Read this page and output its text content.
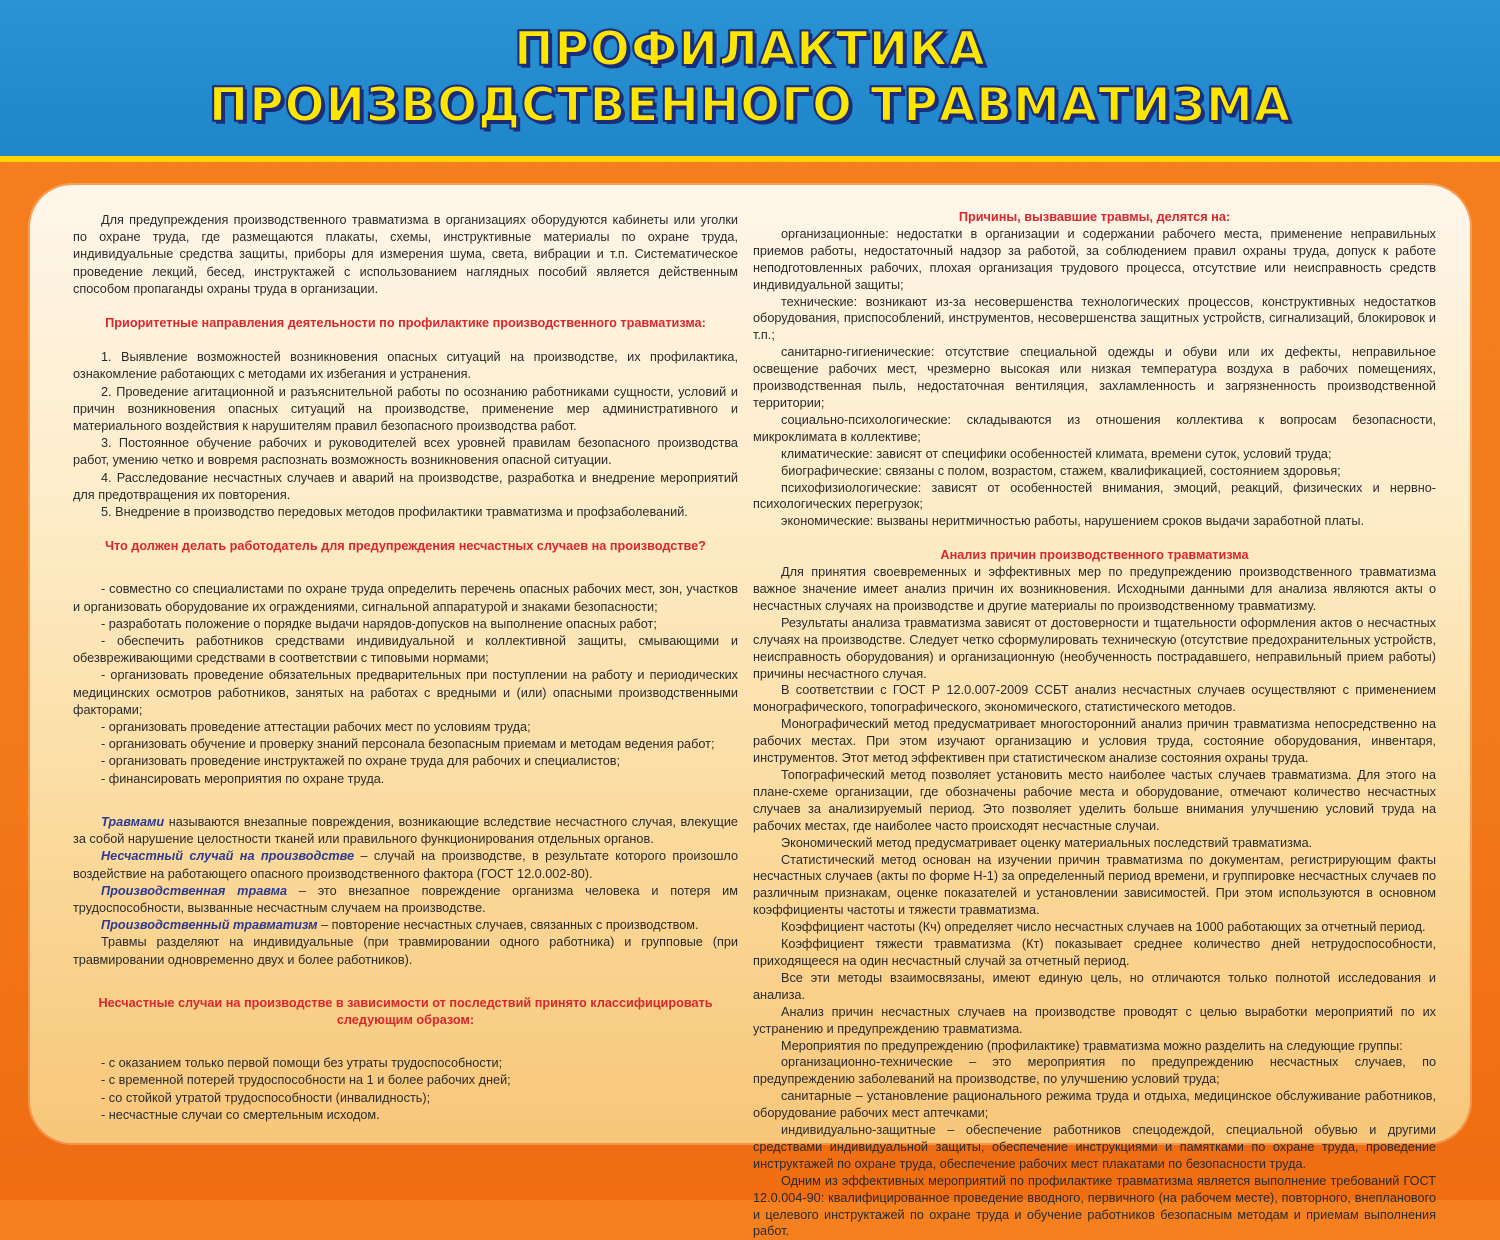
ПРОФИЛАКТИКА
ПРОИЗВОДСТВЕННОГО ТРАВМАТИЗМА

Для предупреждения производственного травматизма в организациях оборудуются кабинеты или уголки по охране труда, где размещаются плакаты, схемы, инструктивные материалы по охране труда, индивидуальные средства защиты, приборы для измерения шума, света, вибрации и т.п. Систематическое проведение лекций, бесед, инструктажей с использованием наглядных пособий является действенным способом пропаганды охраны труда в организации.

Приоритетные направления деятельности по профилактике производственного травматизма:

1. Выявление возможностей возникновения опасных ситуаций на производстве, их профилактика, ознакомление работающих с методами их избегания и устранения.

2. Проведение агитационной и разъяснительной работы по осознанию работниками сущности, условий и причин возникновения опасных ситуаций на производстве, применение мер административного и материального воздействия к нарушителям правил безопасного производства работ.

3. Постоянное обучение рабочих и руководителей всех уровней правилам безопасного производства работ, умению четко и вовремя распознать возможность возникновения опасной ситуации.

4. Расследование несчастных случаев и аварий на производстве, разработка и внедрение мероприятий для предотвращения их повторения.

5. Внедрение в производство передовых методов профилактики травматизма и профзаболеваний.

Что должен делать работодатель для предупреждения несчастных случаев на производстве?

- совместно со специалистами по охране труда определить перечень опасных рабочих мест, зон, участков и организовать оборудование их ограждениями, сигнальной аппаратурой и знаками безопасности;

- разработать положение о порядке выдачи нарядов-допусков на выполнение опасных работ;

- обеспечить работников средствами индивидуальной и коллективной защиты, смывающими и обезвреживающими средствами в соответствии с типовыми нормами;

- организовать проведение обязательных предварительных при поступлении на работу и периодических медицинских осмотров работников, занятых на работах с вредными и (или) опасными производственными факторами;

- организовать проведение аттестации рабочих мест по условиям труда;

- организовать обучение и проверку знаний персонала безопасным приемам и методам ведения работ;

- организовать проведение инструктажей по охране труда для рабочих и специалистов;

- финансировать мероприятия по охране труда.

Травмами называются внезапные повреждения, возникающие вследствие несчастного случая, влекущие за собой нарушение целостности тканей или правильного функционирования отдельных органов.

Несчастный случай на производстве – случай на производстве, в результате которого произошло воздействие на работающего опасного производственного фактора (ГОСТ 12.0.002-80).

Производственная травма – это внезапное повреждение организма человека и потеря им трудоспособности, вызванные несчастным случаем на производстве.

Производственный травматизм – повторение несчастных случаев, связанных с производством.

Травмы разделяют на индивидуальные (при травмировании одного работника) и групповые (при травмировании одновременно двух и более работников).

Несчастные случаи на производстве в зависимости от последствий принято классифицировать следующим образом:

- с оказанием только первой помощи без утраты трудоспособности;

- с временной потерей трудоспособности на 1 и более рабочих дней;

- со стойкой утратой трудоспособности (инвалидность);

- несчастные случаи со смертельным исходом.

Причины, вызвавшие травмы, делятся на:

организационные: недостатки в организации и содержании рабочего места, применение неправильных приемов работы, недостаточный надзор за работой, за соблюдением правил охраны труда, допуск к работе неподготовленных рабочих, плохая организация трудового процесса, отсутствие или неисправность средств индивидуальной защиты;

технические: возникают из-за несовершенства технологических процессов, конструктивных недостатков оборудования, приспособлений, инструментов, несовершенства защитных устройств, сигнализаций, блокировок и т.п.;

санитарно-гигиенические: отсутствие специальной одежды и обуви или их дефекты, неправильное освещение рабочих мест, чрезмерно высокая или низкая температура воздуха в рабочих помещениях, производственная пыль, недостаточная вентиляция, захламленность и загрязненность производственной территории;

социально-психологические: складываются из отношения коллектива к вопросам безопасности, микроклимата в коллективе;

климатические: зависят от специфики особенностей климата, времени суток, условий труда;

биографические: связаны с полом, возрастом, стажем, квалификацией, состоянием здоровья;

психофизиологические: зависят от особенностей внимания, эмоций, реакций, физических и нервно-психологических перегрузок;

экономические: вызваны неритмичностью работы, нарушением сроков выдачи заработной платы.

Анализ причин производственного травматизма

Для принятия своевременных и эффективных мер по предупреждению производственного травматизма важное значение имеет анализ причин их возникновения. Исходными данными для анализа являются акты о несчастных случаях на производстве и другие материалы по производственному травматизму.

Результаты анализа травматизма зависят от достоверности и тщательности оформления актов о несчастных случаях на производстве. Следует четко сформулировать техническую (отсутствие предохранительных устройств, неисправность оборудования) и организационную (необученность пострадавшего, неправильный прием работы) причины несчастного случая.

В соответствии с ГОСТ Р 12.0.007-2009 ССБТ анализ несчастных случаев осуществляют с применением монографического, топографического, экономического, статистического методов.

Монографический метод предусматривает многосторонний анализ причин травматизма непосредственно на рабочих местах. При этом изучают организацию и условия труда, состояние оборудования, инвентаря, инструментов. Этот метод эффективен при статистическом анализе состояния охраны труда.

Топографический метод позволяет установить место наиболее частых случаев травматизма. Для этого на плане-схеме организации, где обозначены рабочие места и оборудование, отмечают количество несчастных случаев за анализируемый период. Это позволяет уделить больше внимания улучшению условий труда на рабочих местах, где наиболее часто происходят несчастные случаи.

Экономический метод предусматривает оценку материальных последствий травматизма.

Статистический метод основан на изучении причин травматизма по документам, регистрирующим факты несчастных случаев (акты по форме Н-1) за определенный период времени, и группировке несчастных случаев по различным признакам, оценке показателей и установлении зависимостей. При этом используются в основном коэффициенты частоты и тяжести травматизма.

Коэффициент частоты (Кч) определяет число несчастных случаев на 1000 работающих за отчетный период.

Коэффициент тяжести травматизма (Кт) показывает среднее количество дней нетрудоспособности, приходящееся на один несчастный случай за отчетный период.

Все эти методы взаимосвязаны, имеют единую цель, но отличаются только полнотой исследования и анализа.

Анализ причин несчастных случаев на производстве проводят с целью выработки мероприятий по их устранению и предупреждению травматизма.

Мероприятия по предупреждению (профилактике) травматизма можно разделить на следующие группы:

организационно-технические – это мероприятия по предупреждению несчастных случаев, по предупреждению заболеваний на производстве, по улучшению условий труда;

санитарные – установление рационального режима труда и отдыха, медицинское обслуживание работников, оборудование рабочих мест аптечками;

индивидуально-защитные – обеспечение работников спецодеждой, специальной обувью и другими средствами индивидуальной защиты, обеспечение инструкциями и памятками по охране труда, проведение инструктажей по охране труда, обеспечение рабочих мест плакатами по безопасности труда.

Одним из эффективных мероприятий по профилактике травматизма является выполнение требований ГОСТ 12.0.004-90: квалифицированное проведение вводного, первичного (на рабочем месте), повторного, внепланового и целевого инструктажей по охране труда и обучение работников безопасным методам и приемам выполнения работ.
